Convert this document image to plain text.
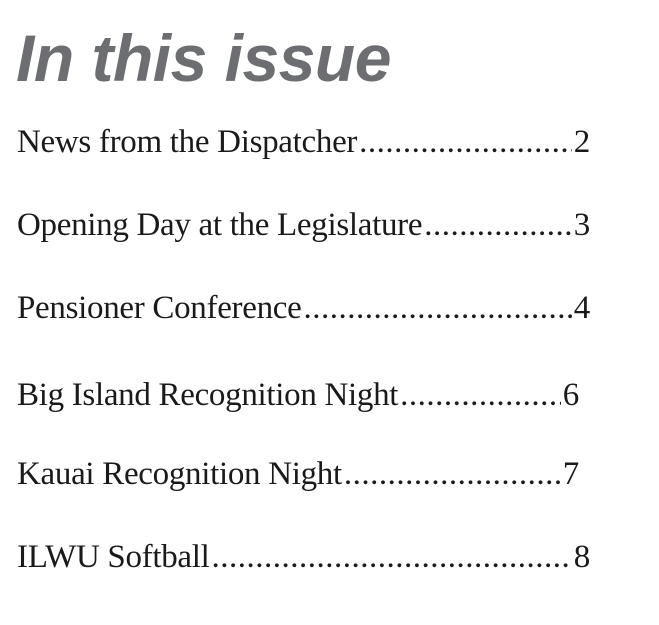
In this issue
News from the Dispatcher .....	2
Opening Day at the Legislature .....	3
Pensioner Conference .....	4
Big Island Recognition Night .....	6
Kauai Recognition Night .....	7
ILWU Softball .....	8
